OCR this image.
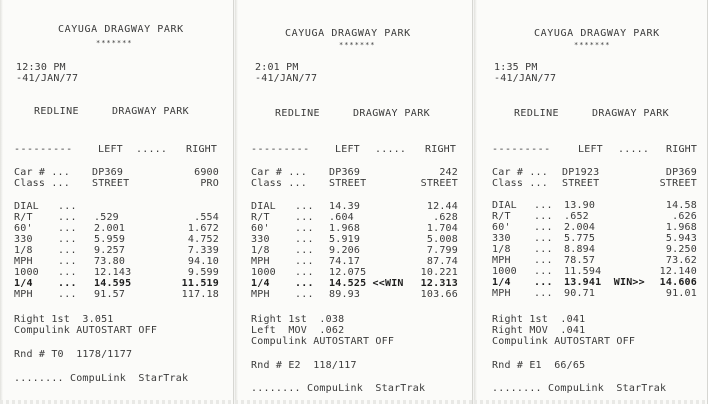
CAYUGA DRAGWAY PARK
*******
12:30 PM
-41/JAN/77
REDLINE	DRAGWAY PARK
---------	LEFT ..... RIGHT
Car # ... DP369	6900
Class ... STREET	PRO
Right 1st  3.051
Compulink AUTOSTART OFF
Rnd # T0  1178/1177
........ CompuLink  StarTrak
DIAL ...
R/T	... .529	.554
60'	... 2.001	1.672
330	... 5.959	4.752
1/8	... 9.257	7.339
MPH	... 73.80	94.10
1000 ... 12.143	9.599
1/4	... 14.595	11.519
MPH	... 91.57	117.18
CAYUGA DRAGWAY PARK
*******
2:01 PM
-41/JAN/77
REDLINE	DRAGWAY PARK
---------	LEFT ..... RIGHT
Car # ... DP369	242
Class ... STREET	STREET
Right 1st  .038
Left  MOV  .062
Compulink AUTOSTART OFF
Rnd # E2  118/117
........ CompuLink  StarTrak
DIAL ... 14.39	12.44
R/T	... .604	.628
60'	... 1.968	1.704
330	... 5.919	5.008
1/8	... 9.206	7.799
MPH	... 74.17	87.74
1000 ... 12.075	10.221
1/4	... 14.525 <<WIN 12.313
MPH	... 89.93	103.66
CAYUGA DRAGWAY PARK
*******
1:35 PM
-41/JAN/77
REDLINE	DRAGWAY PARK
---------	LEFT ..... RIGHT
Car # ... DP1923	DP369
Class ... STREET	STREET
Right 1st  .041
Right MOV  .041
Compulink AUTOSTART OFF
Rnd # E1  66/65
........ CompuLink  StarTrak
DIAL ... 13.90	14.58
R/T ... .652	.626
60' ... 2.004	1.968
330 ... 5.775	5.943
1/8 ... 8.894	9.250
MPH ... 78.57	73.62
1000 ... 11.594	12.140
1/4 ... 13.941  WIN>> 14.606
MPH ... 90.71	91.01
